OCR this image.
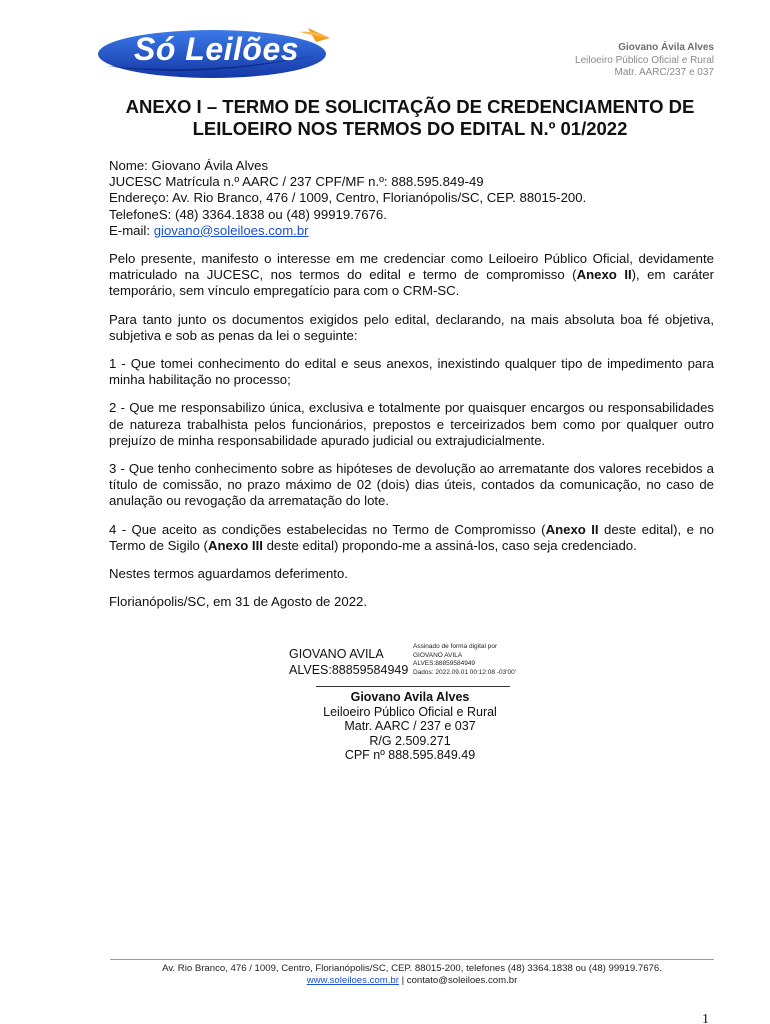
Só Leilões	Giovano Ávila Alves
Leiloeiro Público Oficial e Rural
Matr. AARC/237 e 037
ANEXO I – TERMO DE SOLICITAÇÃO DE CREDENCIAMENTO DE
LEILOEIRO NOS TERMOS DO EDITAL N.º 01/2022

Nome: Giovano Ávila Alves

JUCESC Matrícula n.º AARC / 237 CPF/MF n.º: 888.595.849-49

Endereço: Av. Rio Branco, 476 / 1009, Centro, Florianópolis/SC, CEP. 88015-200.

TelefoneS: (48) 3364.1838 ou (48) 99919.7676.

E-mail: giovano@soleiloes.com.br

Pelo presente, manifesto o interesse em me credenciar como Leiloeiro Público Oficial, devidamente matriculado na JUCESC, nos termos do edital e termo de compromisso (Anexo II), em caráter temporário, sem vínculo empregatício para com o CRM-SC.

Para tanto junto os documentos exigidos pelo edital, declarando, na mais absoluta boa fé objetiva, subjetiva e sob as penas da lei o seguinte:

1 - Que tomei conhecimento do edital e seus anexos, inexistindo qualquer tipo de impedimento para minha habilitação no processo;

2 - Que me responsabilizo única, exclusiva e totalmente por quaisquer encargos ou responsabilidades de natureza trabalhista pelos funcionários, prepostos e terceirizados bem como por qualquer outro prejuízo de minha responsabilidade apurado judicial ou extrajudicialmente.

3 - Que tenho conhecimento sobre as hipóteses de devolução ao arrematante dos valores recebidos a título de comissão, no prazo máximo de 02 (dois) dias úteis, contados da comunicação, no caso de anulação ou revogação da arrematação do lote.

4 - Que aceito as condições estabelecidas no Termo de Compromisso (Anexo II deste edital), e no Termo de Sigilo (Anexo III deste edital) propondo-me a assiná-los, caso seja credenciado.

Nestes termos aguardamos deferimento.

Florianópolis/SC, em 31 de Agosto de 2022.

GIOVANO AVILA
ALVES:88859584949
Assinado de forma digital por
GIOVANO AVILA
ALVES:88859584949
Dados: 2022.09.01 00:12:08 -03'00'
Giovano Avila Alves
Leiloeiro Público Oficial e Rural
Matr. AARC / 237 e 037
R/G 2.509.271
CPF nº 888.595.849.49
Av. Rio Branco, 476 / 1009, Centro, Florianópolis/SC, CEP. 88015-200, telefones (48) 3364.1838 ou (48) 99919.7676.
www.soleiloes.com.br | contato@soleiloes.com.br
1
